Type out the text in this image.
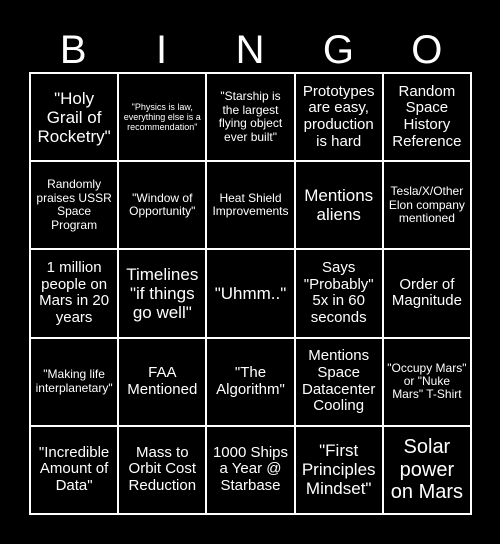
B	I	N	G	O
"Holy Grail of Rocketry"
"Physics is law, everything else is a recommendation"
"Starship is the largest flying object ever built"
Prototypes are easy, production is hard
Random Space History Reference
Randomly praises USSR Space Program
"Window of Opportunity"
Heat Shield Improvements
Mentions aliens
Tesla/X/Other Elon company mentioned
1 million people on Mars in 20 years
Timelines "if things go well"
"Uhmm.."
Says "Probably" 5x in 60 seconds
Order of Magnitude
"Making life interplanetary"
FAA Mentioned
"The Algorithm"
Mentions Space Datacenter Cooling
"Occupy Mars" or "Nuke Mars" T-Shirt
"Incredible Amount of Data"
Mass to Orbit Cost Reduction
1000 Ships a Year @ Starbase
"First Principles Mindset"
Solar power on Mars
